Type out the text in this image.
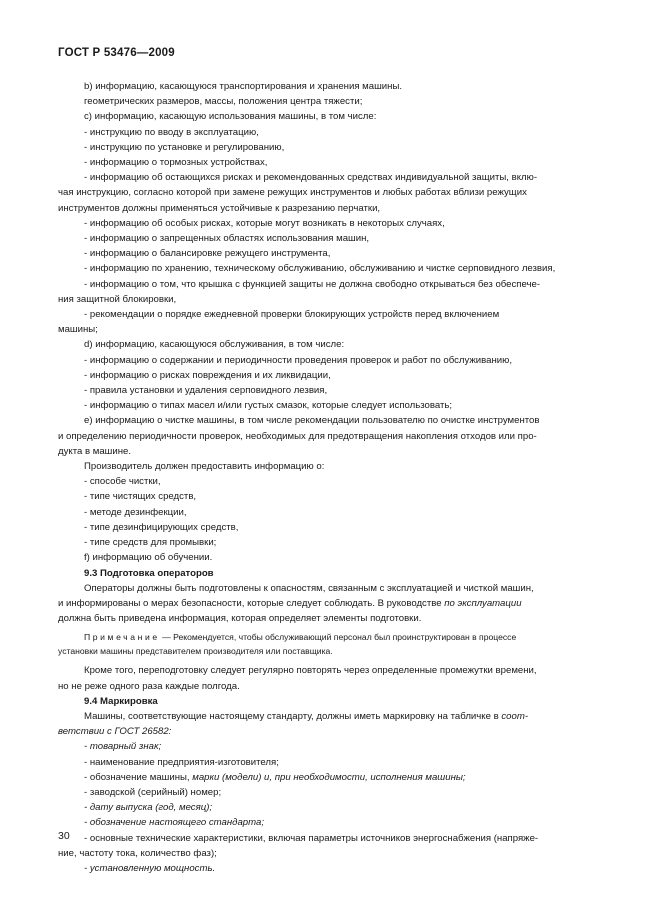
ГОСТ Р 53476—2009

b) информацию, касающуюся транспортирования и хранения машины.

геометрических размеров, массы, положения центра тяжести;

c) информацию, касающую использования машины, в том числе:

- инструкцию по вводу в эксплуатацию,

- инструкцию по установке и регулированию,

- информацию о тормозных устройствах,

- информацию об остающихся рисках и рекомендованных средствах индивидуальной защиты, вклю-

чая инструкцию, согласно которой при замене режущих инструментов и любых работах вблизи режущих

инструментов должны применяться устойчивые к разрезанию перчатки,

- информацию об особых рисках, которые могут возникать в некоторых случаях,

- информацию о запрещенных областях использования машин,

- информацию о балансировке режущего инструмента,

- информацию по хранению, техническому обслуживанию, обслуживанию и чистке серповидного лезвия,

- информацию о том, что крышка с функцией защиты не должна свободно открываться без обеспече-

ния защитной блокировки,

- рекомендации о порядке ежедневной проверки блокирующих устройств перед включением

машины;

d) информацию, касающуюся обслуживания, в том числе:

- информацию о содержании и периодичности проведения проверок и работ по обслуживанию,

- информацию о рисках повреждения и их ликвидации,

- правила установки и удаления серповидного лезвия,

- информацию о типах масел и/или густых смазок, которые следует использовать;

е) информацию о чистке машины, в том числе рекомендации пользователю по очистке инструментов

и определению периодичности проверок, необходимых для предотвращения накопления отходов или про-

дукта в машине.

Производитель должен предоставить информацию о:

- способе чистки,

- типе чистящих средств,

- методе дезинфекции,

- типе дезинфицирующих средств,

- типе средств для промывки;

f) информацию об обучении.

9.3 Подготовка операторов

Операторы должны быть подготовлены к опасностям, связанным с эксплуатацией и чисткой машин,

и информированы о мерах безопасности, которые следует соблюдать. В руководстве по эксплуатации

должна быть приведена информация, которая определяет элементы подготовки.

Примечание — Рекомендуется, чтобы обслуживающий персонал был проинструктирован в процессе

установки машины представителем производителя или поставщика.

Кроме того, переподготовку следует регулярно повторять через определенные промежутки времени,

но не реже одного раза каждые полгода.

9.4 Маркировка

Машины, соответствующие настоящему стандарту, должны иметь маркировку на табличке в соот-

ветствии с ГОСТ 26582:

- товарный знак;

- наименование предприятия-изготовителя;

- обозначение машины, марки (модели) и, при необходимости, исполнения машины;

- заводской (серийный) номер;

- дату выпуска (год, месяц);

- обозначение настоящего стандарта;

- основные технические характеристики, включая параметры источников энергоснабжения (напряже-

ние, частоту тока, количество фаз);

- установленную мощность.

30
